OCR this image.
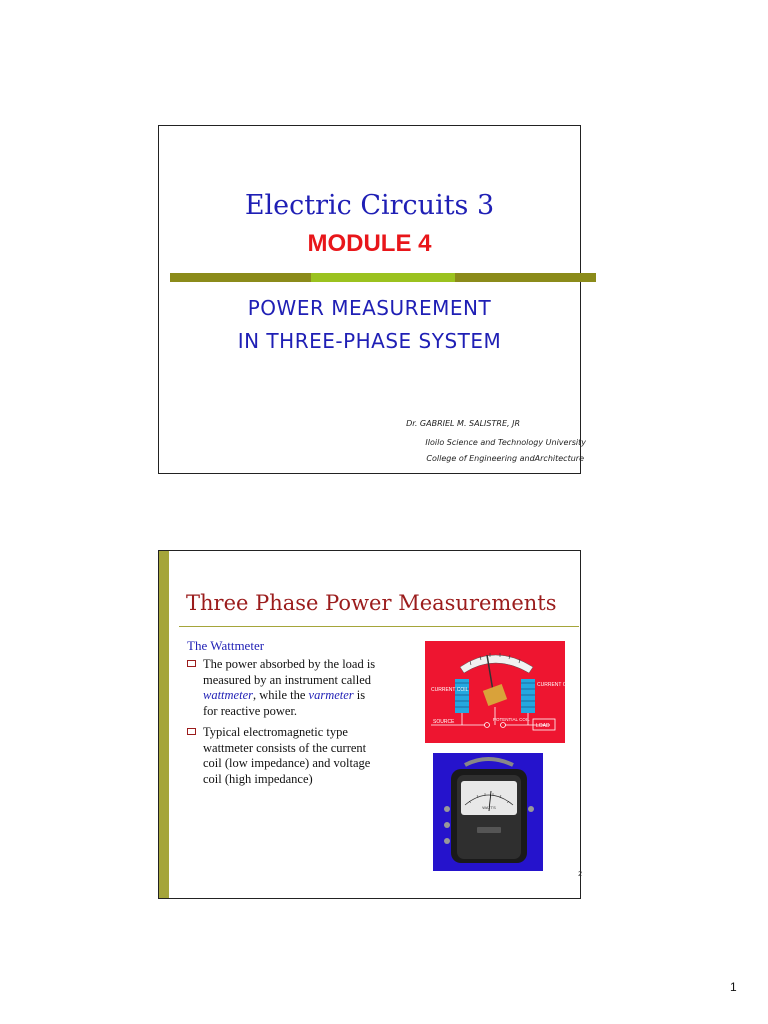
Electric Circuits 3
MODULE 4
POWER MEASUREMENT
IN THREE-PHASE SYSTEM
Dr. GABRIEL M. SALISTRE, JR
Iloilo Science and Technology University
College of Engineering andArchitecture
Three Phase Power Measurements
The Wattmeter
The power absorbed by the load is measured by an instrument called wattmeter, while the varmeter is for reactive power.
Typical electromagnetic type wattmeter consists of the current coil (low impedance) and voltage coil (high impedance)
CURRENT COIL
CURRENT COIL
POTENTIAL COIL
SOURCE
LOAD
WATTS
2
1
